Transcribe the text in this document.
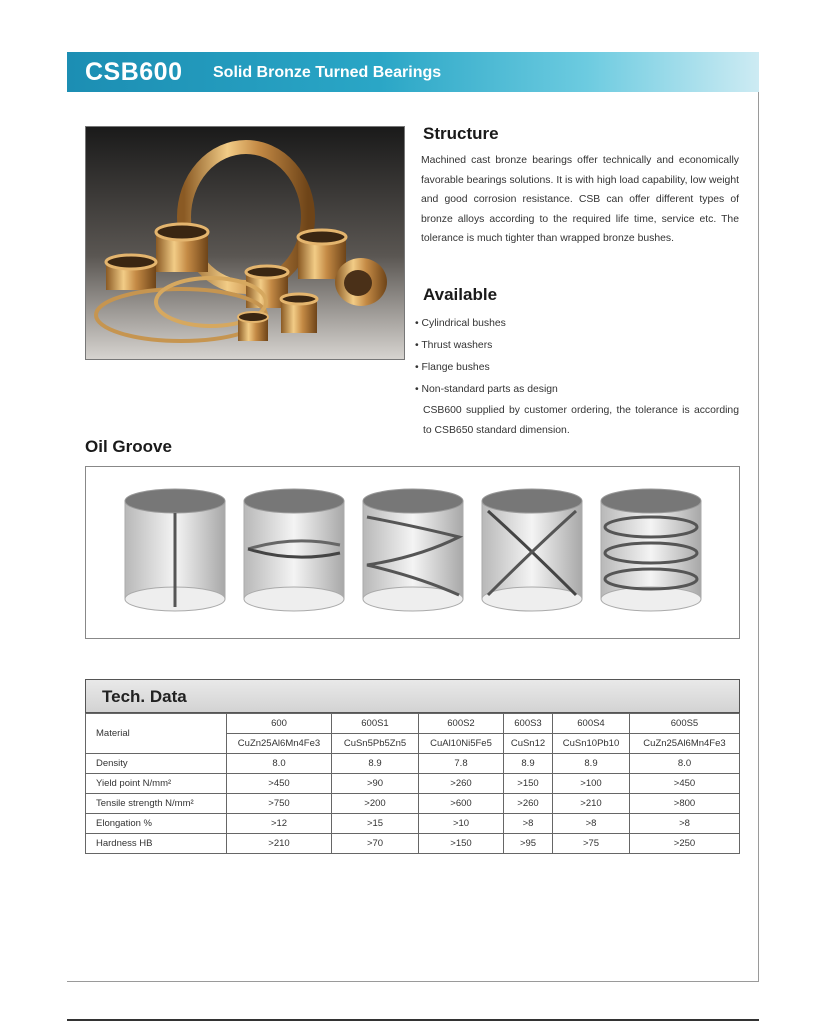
CSB600 Solid Bronze Turned Bearings
Structure

Machined cast bronze bearings offer technically and economically favorable bearings solutions. It is with high load capability, low weight and good corrosion resistance. CSB can offer different types of bronze alloys according to the required life time, service etc. The tolerance is much tighter than wrapped bronze bushes.

Available
• Cylindrical bushes
• Thrust washers
• Flange bushes
• Non-standard parts as design

CSB600 supplied by customer ordering, the tolerance is according to CSB650 standard dimension.

Oil Groove
Tech. Data
Material	600	600S1	600S2	600S3	600S4	600S5
	CuZn25Al6Mn4Fe3	CuSn5Pb5Zn5	CuAl10Ni5Fe5	CuSn12	CuSn10Pb10	CuZn25Al6Mn4Fe3
Density	8.0	8.9	7.8	8.9	8.9	8.0
Yield point N/mm²	>450	>90	>260	>150	>100	>450
Tensile strength N/mm²	>750	>200	>600	>260	>210	>800
Elongation %	>12	>15	>10	>8	>8	>8
Hardness HB	>210	>70	>150	>95	>75	>250
